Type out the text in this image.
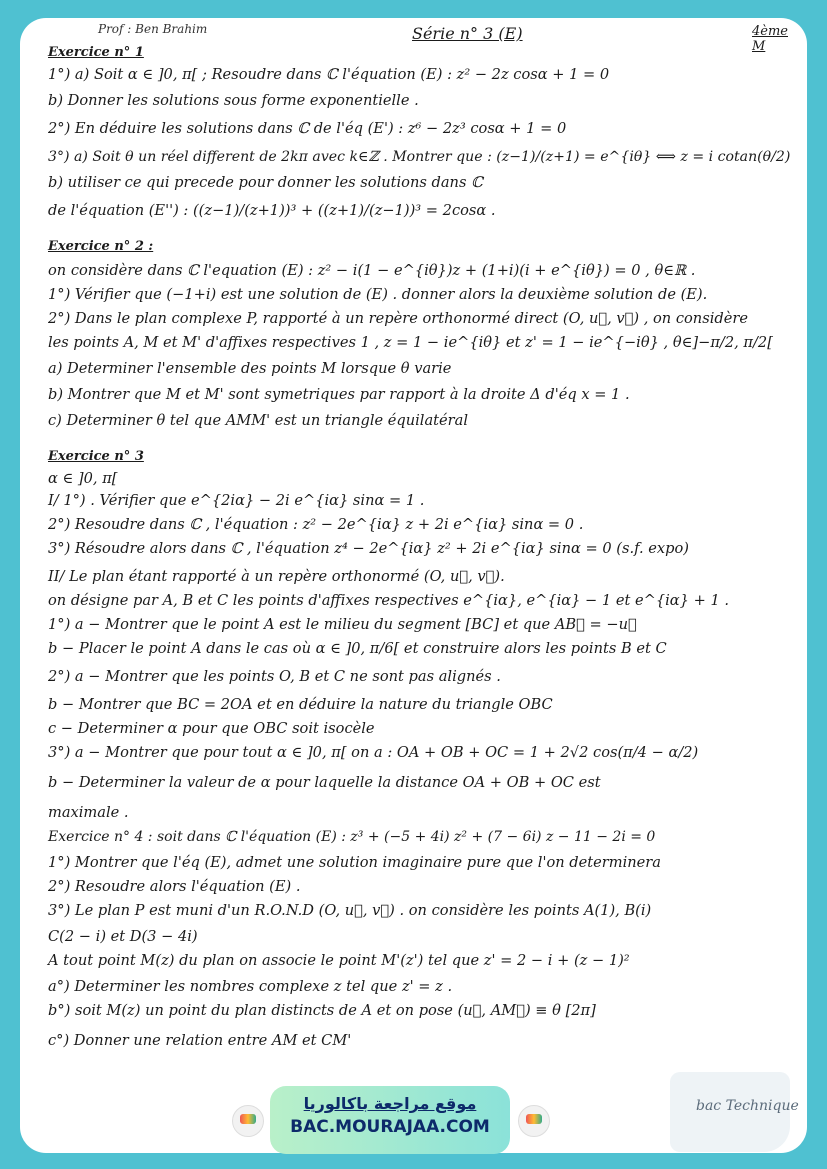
Prof : Ben Brahim	Série n° 3 (E)	4ème M
Exercice n° 1
1°) a) Soit α ∈ ]0, π[ ; Resoudre dans ℂ l'équation (E) : z² − 2z cosα + 1 = 0
b) Donner les solutions sous forme exponentielle .
2°) En déduire les solutions dans ℂ de l'éq (E') : z⁶ − 2z³ cosα + 1 = 0
3°) a) Soit θ un réel different de 2kπ avec k∈ℤ . Montrer que : (z−1)/(z+1) = e^{iθ} ⟺ z = i cotan(θ/2)
b) utiliser ce qui precede pour donner les solutions dans ℂ
de l'équation (E'') : ((z−1)/(z+1))³ + ((z+1)/(z−1))³ = 2cosα .
Exercice n° 2 :
on considère dans ℂ l'equation (E) : z² − i(1 − e^{iθ})z + (1+i)(i + e^{iθ}) = 0 , θ∈ℝ .
1°) Vérifier que (−1+i) est une solution de (E) . donner alors la deuxième solution de (E).
2°) Dans le plan complexe P, rapporté à un repère orthonormé direct (O, u⃗, v⃗) , on considère
les points A, M et M' d'affixes respectives 1 , z = 1 − ie^{iθ} et z' = 1 − ie^{−iθ} , θ∈]−π/2, π/2[
a) Determiner l'ensemble des points M lorsque θ varie
b) Montrer que M et M' sont symetriques par rapport à la droite Δ d'éq x = 1 .
c) Determiner θ tel que AMM' est un triangle équilatéral
Exercice n° 3
α ∈ ]0, π[
I/ 1°) . Vérifier que e^{2iα} − 2i e^{iα} sinα = 1 .
2°) Resoudre dans ℂ , l'équation : z² − 2e^{iα} z + 2i e^{iα} sinα = 0 .
3°) Résoudre alors dans ℂ , l'équation z⁴ − 2e^{iα} z² + 2i e^{iα} sinα = 0 (s.f. expo)
II/ Le plan étant rapporté à un repère orthonormé (O, u⃗, v⃗).
on désigne par A, B et C les points d'affixes respectives e^{iα}, e^{iα} − 1 et e^{iα} + 1 .
1°) a − Montrer que le point A est le milieu du segment [BC] et que AB⃗ = −u⃗
b − Placer le point A dans le cas où α ∈ ]0, π/6[ et construire alors les points B et C
2°) a − Montrer que les points O, B et C ne sont pas alignés .
b − Montrer que BC = 2OA et en déduire la nature du triangle OBC
c − Determiner α pour que OBC soit isocèle
3°) a − Montrer que pour tout α ∈ ]0, π[ on a : OA + OB + OC = 1 + 2√2 cos(π/4 − α/2)
b − Determiner la valeur de α pour laquelle la distance OA + OB + OC est
maximale .
Exercice n° 4 : soit dans ℂ l'équation (E) : z³ + (−5 + 4i) z² + (7 − 6i) z − 11 − 2i = 0
1°) Montrer que l'éq (E), admet une solution imaginaire pure que l'on determinera
2°) Resoudre alors l'équation (E) .
3°) Le plan P est muni d'un R.O.N.D (O, u⃗, v⃗) . on considère les points A(1), B(i)
C(2 − i) et D(3 − 4i)
A tout point M(z) du plan on associe le point M'(z') tel que z' = 2 − i + (z − 1)²
a°) Determiner les nombres complexe z tel que z' = z .
b°) soit M(z) un point du plan distincts de A et on pose (u⃗, AM⃗) ≡ θ [2π]
c°) Donner une relation entre AM et CM'
موقع مراجعة باكالوريا
BAC.MOURAJAA.COM
bac Technique
